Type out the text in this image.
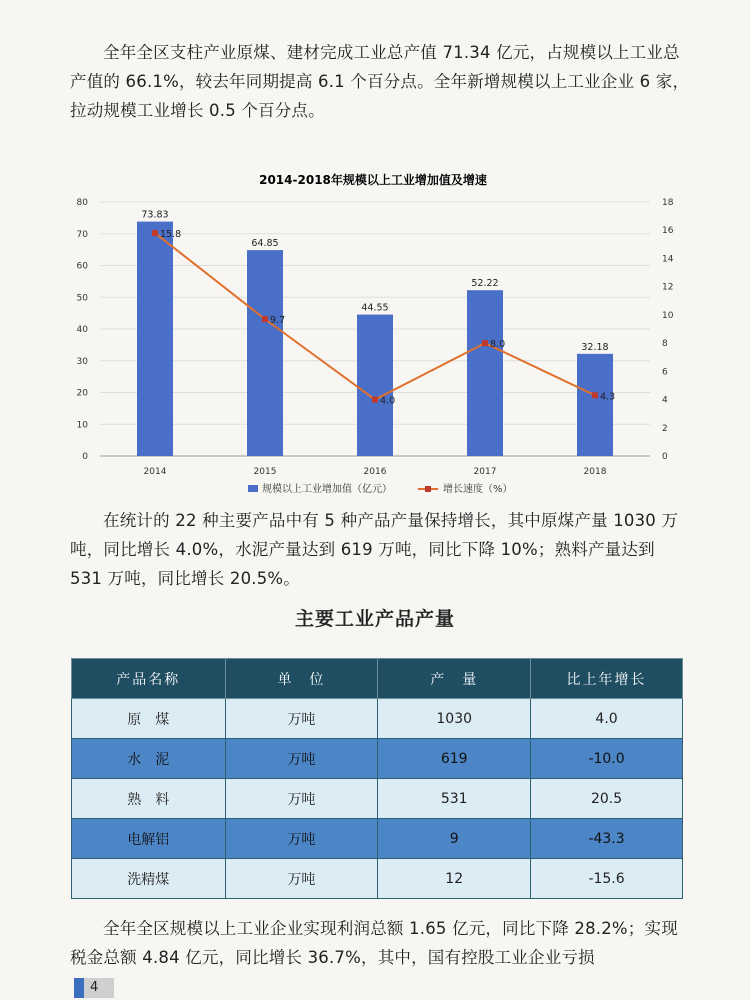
全年全区支柱产业原煤、建材完成工业总产值 71.34 亿元，占规模以上工业总产值的 66.1%，较去年同期提高 6.1 个百分点。全年新增规模以上工业企业 6 家，拉动规模工业增长 0.5 个百分点。

2014-2018年规模以上工业增加值及增速
0
10
20
30
40
50
60
70
80
0
2
4
6
8
10
12
14
16
18
73.83
64.85
44.55
52.22
32.18
15.8
9.7
4.0
8.0
4.3
2014	2015	2016	2017	2018
规模以上工业增加值（亿元）	增长速度（%）

在统计的 22 种主要产品中有 5 种产品产量保持增长，其中原煤产量 1030 万吨，同比增长 4.0%，水泥产量达到 619 万吨，同比下降 10%；熟料产量达到 531 万吨，同比增长 20.5%。

主要工业产品产量
产品名称	单　位	产　量	比上年增长
原　煤	万吨	1030	4.0
水　泥	万吨	619	-10.0
熟　料	万吨	531	20.5
电解铝	万吨	9	-43.3
洗精煤	万吨	12	-15.6

全年全区规模以上工业企业实现利润总额 1.65 亿元，同比下降 28.2%；实现税金总额 4.84 亿元，同比增长 36.7%，其中，国有控股工业企业亏损

4
